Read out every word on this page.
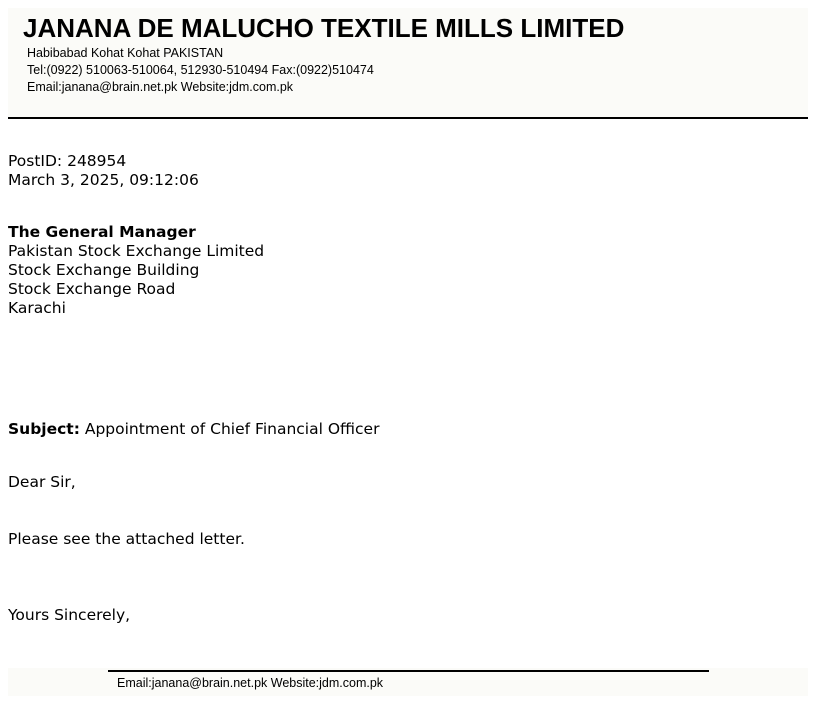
JANANA DE MALUCHO TEXTILE MILLS LIMITED
Habibabad Kohat Kohat PAKISTAN
Tel:(0922) 510063-510064, 512930-510494 Fax:(0922)510474
Email:janana@brain.net.pk Website:jdm.com.pk
PostID: 248954
March 3, 2025, 09:12:06
The General Manager
Pakistan Stock Exchange Limited
Stock Exchange Building
Stock Exchange Road
Karachi
Subject: Appointment of Chief Financial Officer
Dear Sir,
Please see the attached letter.
Yours Sincerely,
Email:janana@brain.net.pk Website:jdm.com.pk
